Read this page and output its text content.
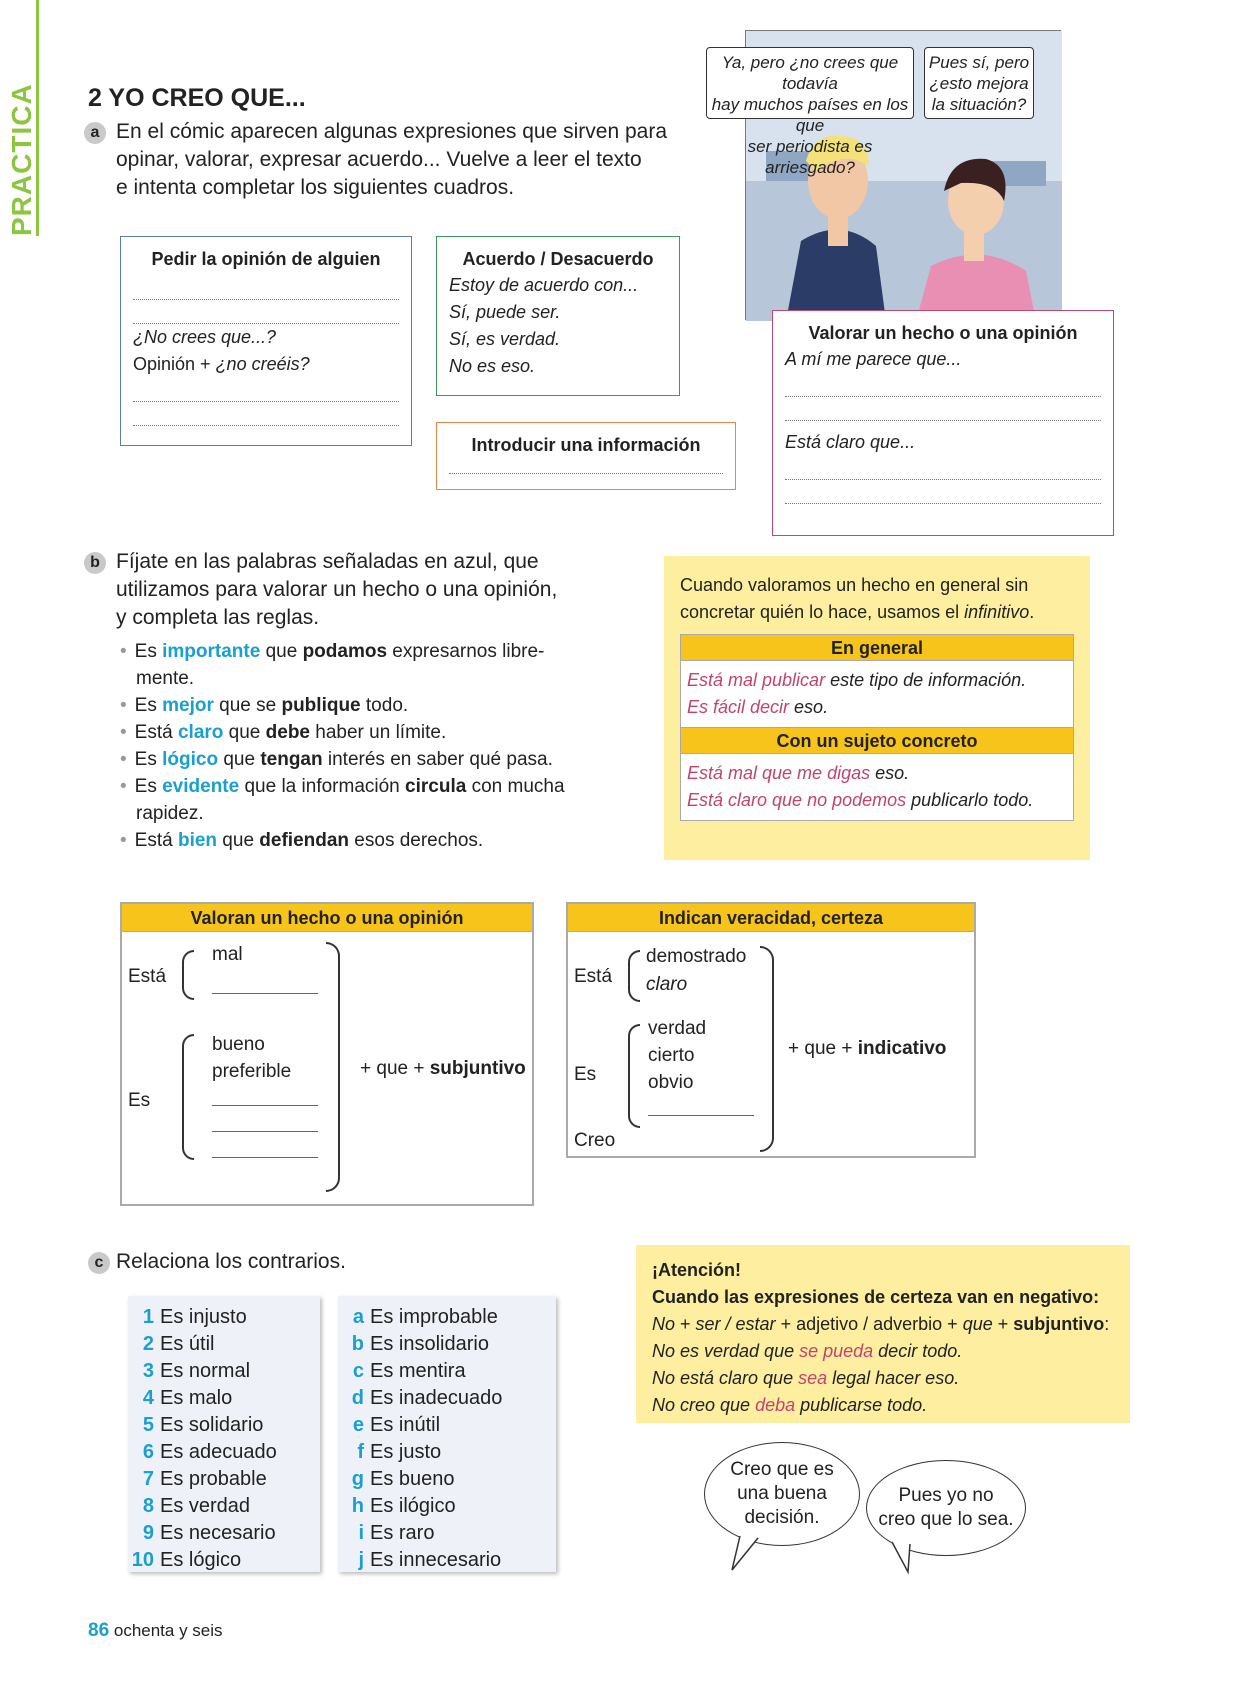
PRACTICA 2 YO CREO QUE...
a En el cómic aparecen algunas expresiones que sirven para
opinar, valorar, expresar acuerdo... Vuelve a leer el texto
e intenta completar los siguientes cuadros.
Ya, pero ¿no crees que todavía
hay muchos países en los que
ser periodista es arriesgado?
Pues sí, pero
¿esto mejora
la situación?
Pedir la opinión de alguien
¿No crees que...?
Opinión + ¿no creéis?
Acuerdo / Desacuerdo
Estoy de acuerdo con...
Sí, puede ser.
Sí, es verdad.
No es eso.
Introducir una información
Valorar un hecho o una opinión
A mí me parece que...
Está claro que...
b Fíjate en las palabras señaladas en azul, que
utilizamos para valorar un hecho o una opinión,
y completa las reglas.
• Es importante que podamos expresarnos libre-
mente.
• Es mejor que se publique todo.
• Está claro que debe haber un límite.
• Es lógico que tengan interés en saber qué pasa.
• Es evidente que la información circula con mucha
rapidez.
• Está bien que defiendan esos derechos.
Cuando valoramos un hecho en general sin
concretar quién lo hace, usamos el infinitivo.
En general
Está mal publicar este tipo de información.
Es fácil decir eso.
Con un sujeto concreto
Está mal que me digas eso.
Está claro que no podemos publicarlo todo.
Valoran un hecho o una opinión
Está
mal
Es
bueno
preferible	+ que + subjuntivo
Indican veracidad, certeza
Está
demostrado
claro
Es
verdad
cierto
obvio
Creo
+ que + indicativo
c Relaciona los contrarios.
1 Es injusto
2 Es útil
3 Es normal
4 Es malo
5 Es solidario
6 Es adecuado
7 Es probable
8 Es verdad
9 Es necesario
10 Es lógico
a Es improbable
b Es insolidario
c Es mentira
d Es inadecuado
e Es inútil
f Es justo
g Es bueno
h Es ilógico
i Es raro
j Es innecesario
¡Atención!
Cuando las expresiones de certeza van en negativo:
No + ser / estar + adjetivo / adverbio + que + subjuntivo:
No es verdad que se pueda decir todo.
No está claro que sea legal hacer eso.
No creo que deba publicarse todo.
Creo que es
una buena
decisión.
Pues yo no
creo que lo sea.
86 ochenta y seis
